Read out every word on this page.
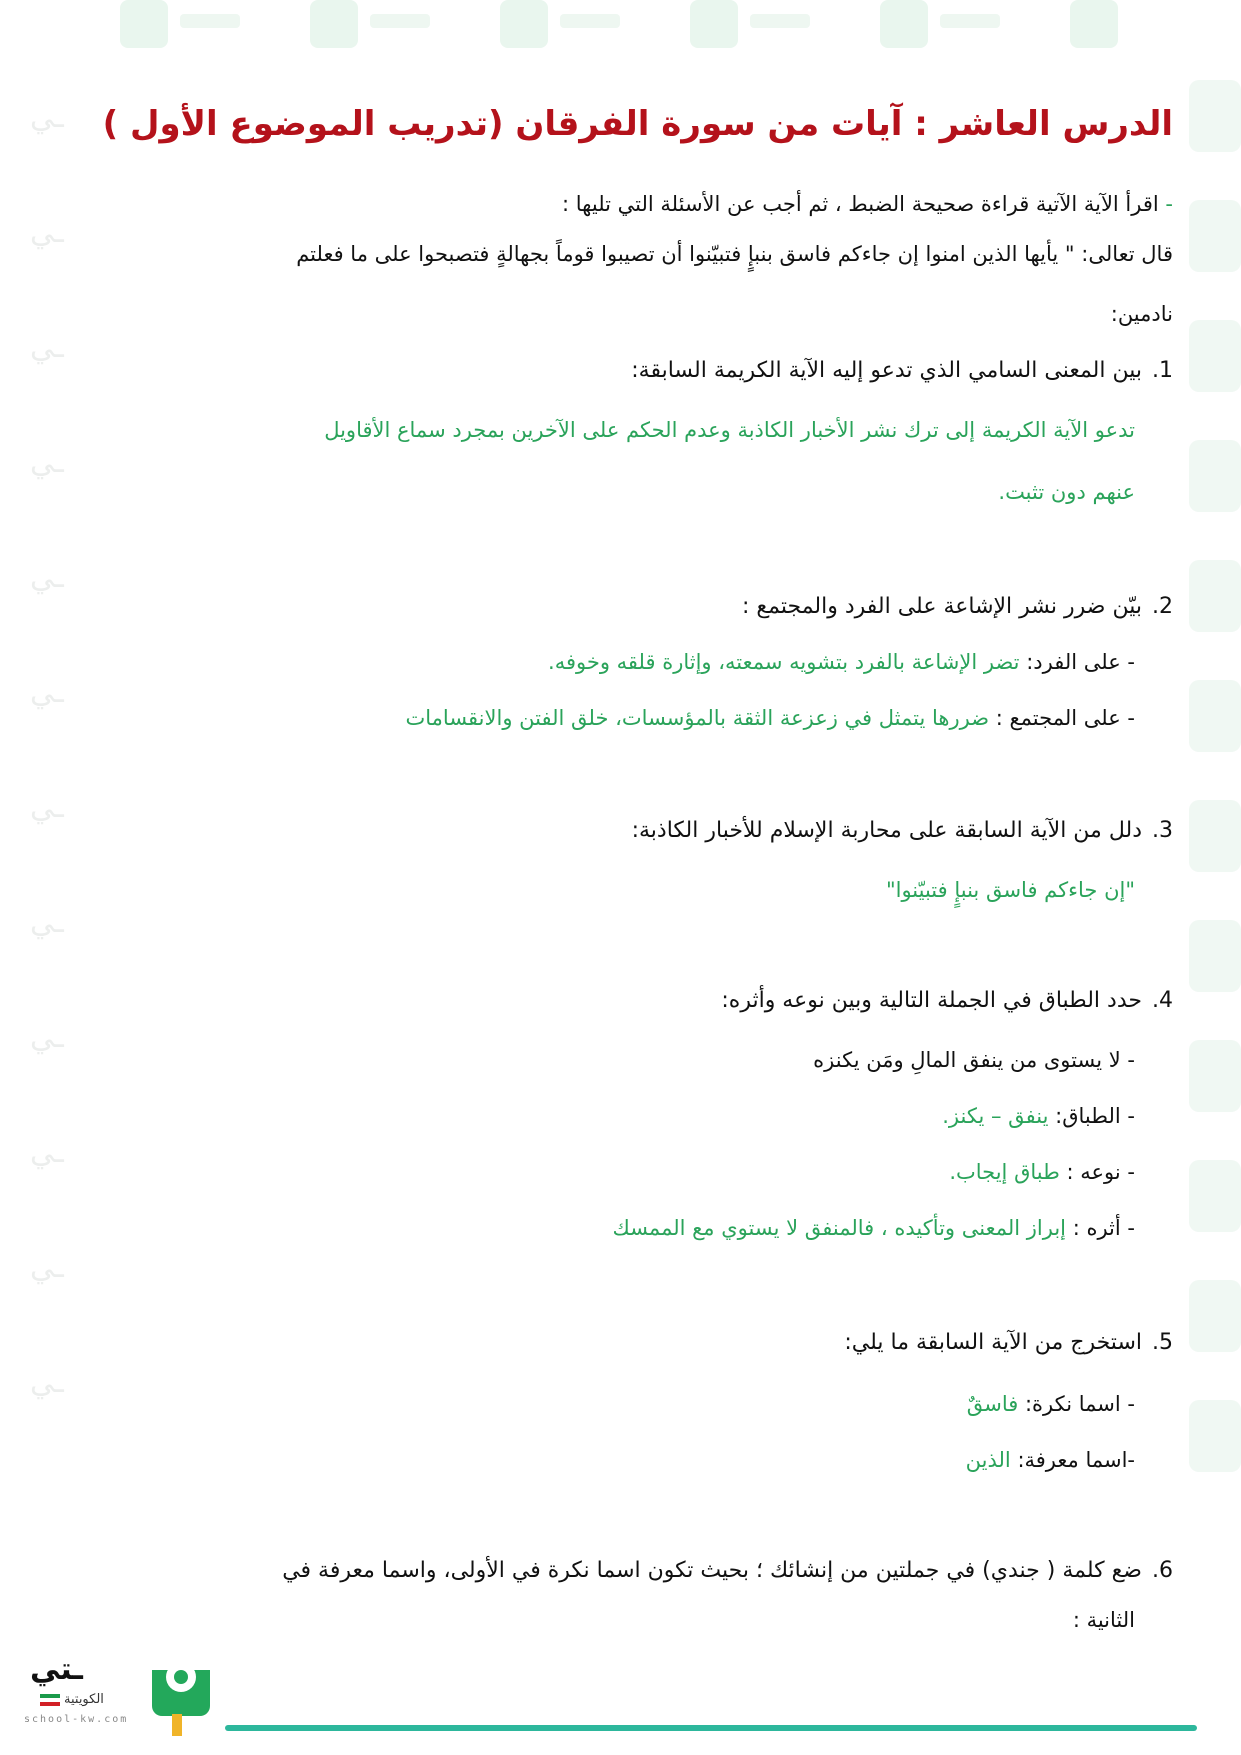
ـي
ـي
ـي
ـي
ـي
ـي
ـي
ـي
ـي
ـي
ـي
ـي
الدرس العاشر : آيات من سورة الفرقان (تدريب الموضوع الأول )
- اقرأ الآية الآتية قراءة صحيحة الضبط ، ثم أجب عن الأسئلة التي تليها :
قال تعالى: " يأيها الذين امنوا إن جاءكم فاسق بنبإٍ فتبيّنوا أن تصيبوا قوماً بجهالةٍ فتصبحوا على ما فعلتم
نادمين:
1.بين المعنى السامي الذي تدعو إليه الآية الكريمة السابقة:
تدعو الآية الكريمة إلى ترك نشر الأخبار الكاذبة وعدم الحكم على الآخرين بمجرد سماع الأقاويل
عنهم دون تثبت.
2.بيّن ضرر نشر الإشاعة على الفرد والمجتمع :
- على الفرد: تضر الإشاعة بالفرد بتشويه سمعته، وإثارة قلقه وخوفه.
- على المجتمع : ضررها يتمثل في زعزعة الثقة بالمؤسسات، خلق الفتن والانقسامات
3.دلل من الآية السابقة على محاربة الإسلام للأخبار الكاذبة:
"إن جاءكم فاسق بنبإٍ فتبيّنوا"
4.حدد الطباق في الجملة التالية وبين نوعه وأثره:
- لا يستوى من ينفق المالِ ومَن يكنزه
- الطباق: ينفق – يكنز.
- نوعه : طباق إيجاب.
- أثره : إبراز المعنى وتأكيده ، فالمنفق لا يستوي مع الممسك
5.استخرج من الآية السابقة ما يلي:
- اسما نكرة: فاسقٌ
-اسما معرفة: الذين
6.ضع كلمة ( جندي) في جملتين من إنشائك ؛ بحيث تكون اسما نكرة في الأولى، واسما معرفة في
الثانية :
ـتي
الكويتية
school-kw.com
